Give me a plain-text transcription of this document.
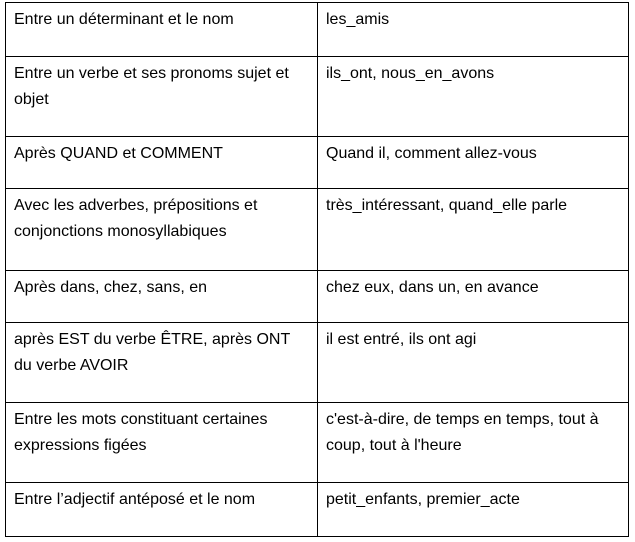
Entre un déterminant et le nom	les_amis
Entre un verbe et ses pronoms sujet et objet	ils_ont, nous_en_avons
Après QUAND et COMMENT	Quand il, comment allez-vous
Avec les adverbes, prépositions et conjonctions monosyllabiques	très_intéressant, quand_elle parle
Après dans, chez, sans, en	chez eux, dans un, en avance
après EST du verbe ÊTRE, après ONT du verbe AVOIR	il est entré, ils ont agi
Entre les mots constituant certaines expressions figées	c'est-à-dire, de temps en temps, tout à coup, tout à l'heure
Entre l’adjectif antéposé et le nom	petit_enfants, premier_acte
